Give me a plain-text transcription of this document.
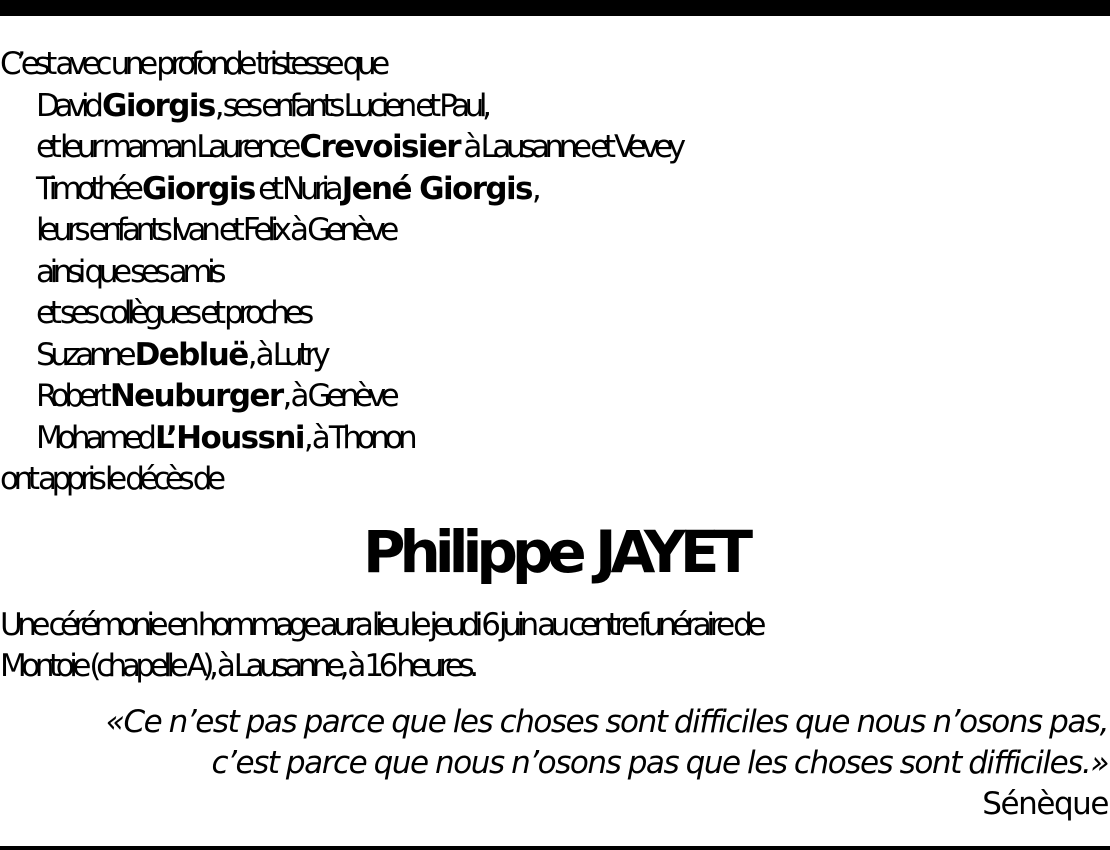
C’est avec une profonde tristesse que
David Giorgis, ses enfants Lucien et Paul,
et leur maman Laurence Crevoisier à Lausanne et Vevey
Timothée Giorgis et Nuria Jené Giorgis,
leurs enfants Ivan et Felix à Genève
ainsi que ses amis
et ses collègues et proches
Suzanne Debluë, à Lutry
Robert Neuburger, à Genève
Mohamed L’Houssni, à Thonon
ont appris le décès de
Philippe JAYET
Une cérémonie en hommage aura lieu le jeudi 6 juin au centre funéraire de
Montoie (chapelle A), à Lausanne, à 16 heures.
«Ce n’est pas parce que les choses sont difficiles que nous n’osons pas,
c’est parce que nous n’osons pas que les choses sont difficiles.»
Sénèque
